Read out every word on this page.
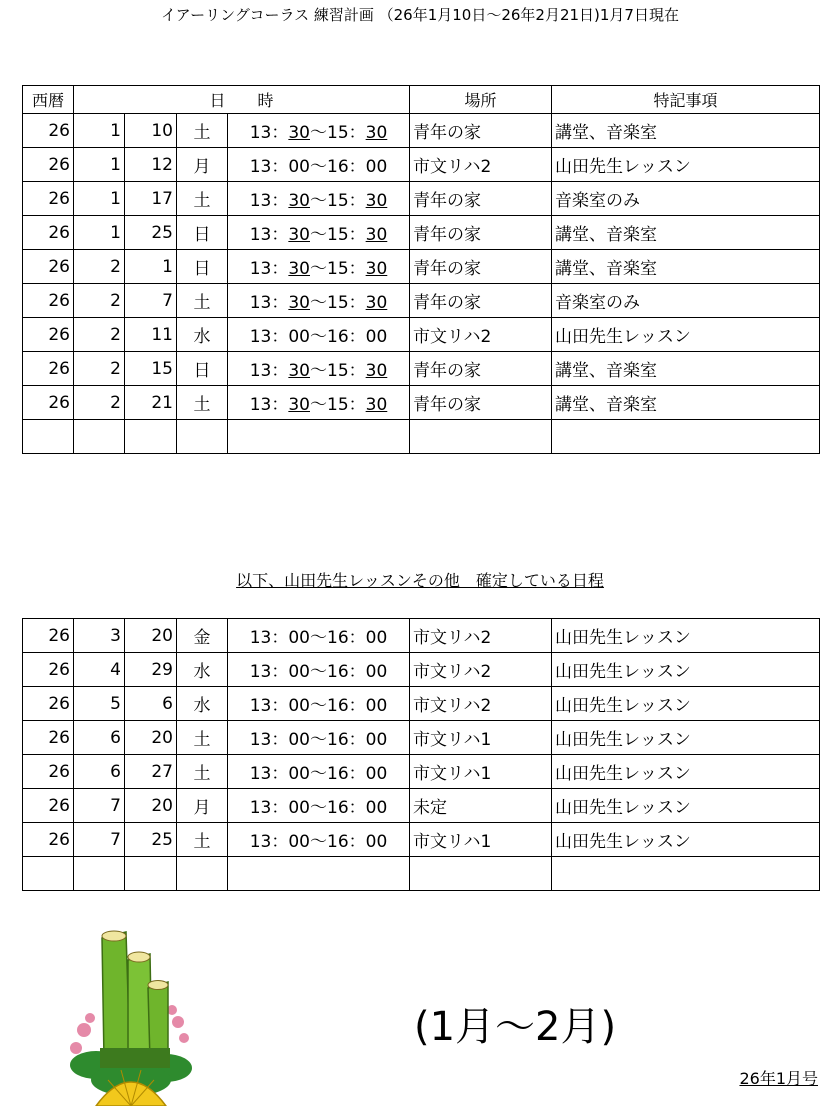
イアーリングコーラス 練習計画 （26年1月10日～26年2月21日)1月7日現在
西暦	日　　時				場所	特記事項
26	1	10	土	13：30～15：30	青年の家	講堂、音楽室
26	1	12	月	13：00～16：00	市文リハ2	山田先生レッスン
26	1	17	土	13：30～15：30	青年の家	音楽室のみ
26	1	25	日	13：30～15：30	青年の家	講堂、音楽室
26	2	1	日	13：30～15：30	青年の家	講堂、音楽室
26	2	7	土	13：30～15：30	青年の家	音楽室のみ
26	2	11	水	13：00～16：00	市文リハ2	山田先生レッスン
26	2	15	日	13：30～15：30	青年の家	講堂、音楽室
26	2	21	土	13：30～15：30	青年の家	講堂、音楽室

以下、山田先生レッスンその他　確定している日程
26	3	20	金	13：00～16：00	市文リハ2	山田先生レッスン
26	4	29	水	13：00～16：00	市文リハ2	山田先生レッスン
26	5	6	水	13：00～16：00	市文リハ2	山田先生レッスン
26	6	20	土	13：00～16：00	市文リハ1	山田先生レッスン
26	6	27	土	13：00～16：00	市文リハ1	山田先生レッスン
26	7	20	月	13：00～16：00	未定	山田先生レッスン
26	7	25	土	13：00～16：00	市文リハ1	山田先生レッスン

(1月～2月)
26年1月号
